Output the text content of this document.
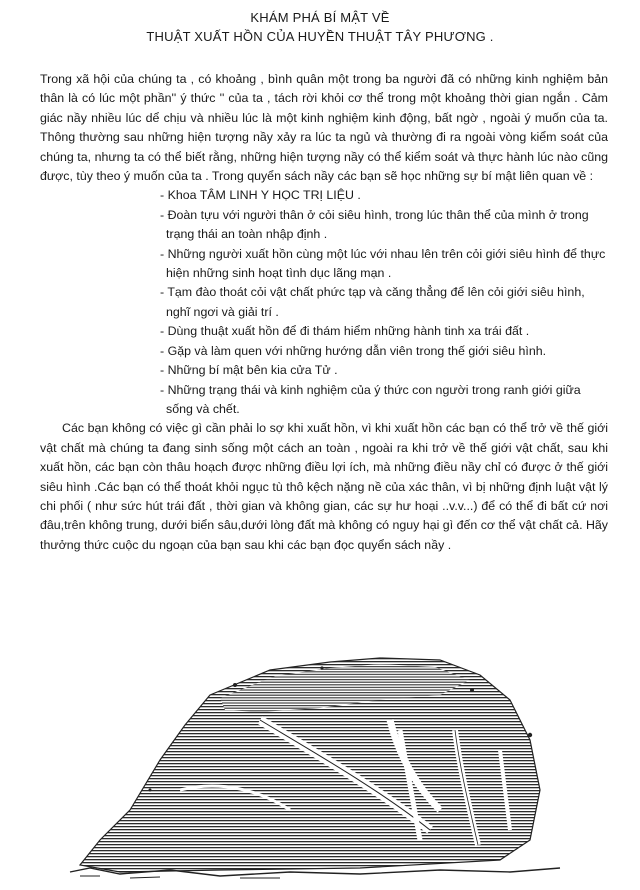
KHÁM PHÁ BÍ MẬT VỀ
THUẬT XUẤT HỒN CỦA HUYỀN THUẬT TÂY PHƯƠNG .

Trong xã hội của chúng ta , có khoảng , bình quân một trong ba người đã có những kinh nghiệm bản thân là có lúc một phần'' ý thức '' của ta , tách rời khỏi cơ thể trong một khoảng thời gian ngắn . Cảm giác nầy nhiều lúc dể chịu và nhiều lúc là một kinh nghiệm kinh động, bất ngờ , ngoài ý muốn của ta. Thông thường sau những hiện tượng nầy xảy ra lúc ta ngủ và thường đi ra ngoài vòng kiểm soát của chúng ta, nhưng ta có thể biết rằng, những hiện tượng nầy có thể kiểm soát và thực hành lúc nào cũng được, tùy theo ý muốn của ta . Trong quyển sách nầy các bạn sẽ học những sự bí mật liên quan về :

- Khoa TÂM LINH Y HỌC TRỊ LIỆU .
- Đoàn tựu với người thân ở cỏi siêu hình, trong lúc thân thể của mình ở trong trạng thái an toàn nhập định .
- Những người xuất hồn cùng một lúc với nhau lên trên cỏi giới siêu hình để thực hiện những sinh hoạt tình dục lãng mạn .
- Tạm đào thoát cỏi vật chất phức tạp và căng thẳng để lên cỏi giới siêu hình, nghĩ ngơi và giải trí .
- Dùng thuật xuất hồn để đi thám hiểm những hành tinh xa trái đất .
- Gặp và làm quen với những hướng dẫn viên trong thế giới siêu hình.
- Những bí mật bên kia cửa Tử .
- Những trạng thái và kinh nghiệm của ý thức con người trong ranh giới giữa sống và chết.

Các bạn không có việc gì cần phải lo sợ khi xuất hồn, vì khi xuất hồn các bạn có thể trở về thế giới vật chất mà chúng ta đang sinh sống một cách an toàn , ngoài ra khi trở về thế giới vật chất, sau khi xuất hồn, các bạn còn thâu hoạch được những điều lợi ích, mà những điều nầy chỉ có được ở thế giới siêu hình .Các bạn có thể thoát khỏi ngục tù thô kệch nặng nề của xác thân, vì bị những định luật vật lý chi phối ( như sức hút trái đất , thời gian và không gian, các sự hư hoại ..v.v...) để có thể đi bất cứ nơi đâu,trên không trung, dưới biển sâu,dưới lòng đất mà không có nguy hại gì đến cơ thể vật chất cả. Hãy thưởng thức cuộc du ngoạn của bạn sau khi các bạn đọc quyển sách nầy .
